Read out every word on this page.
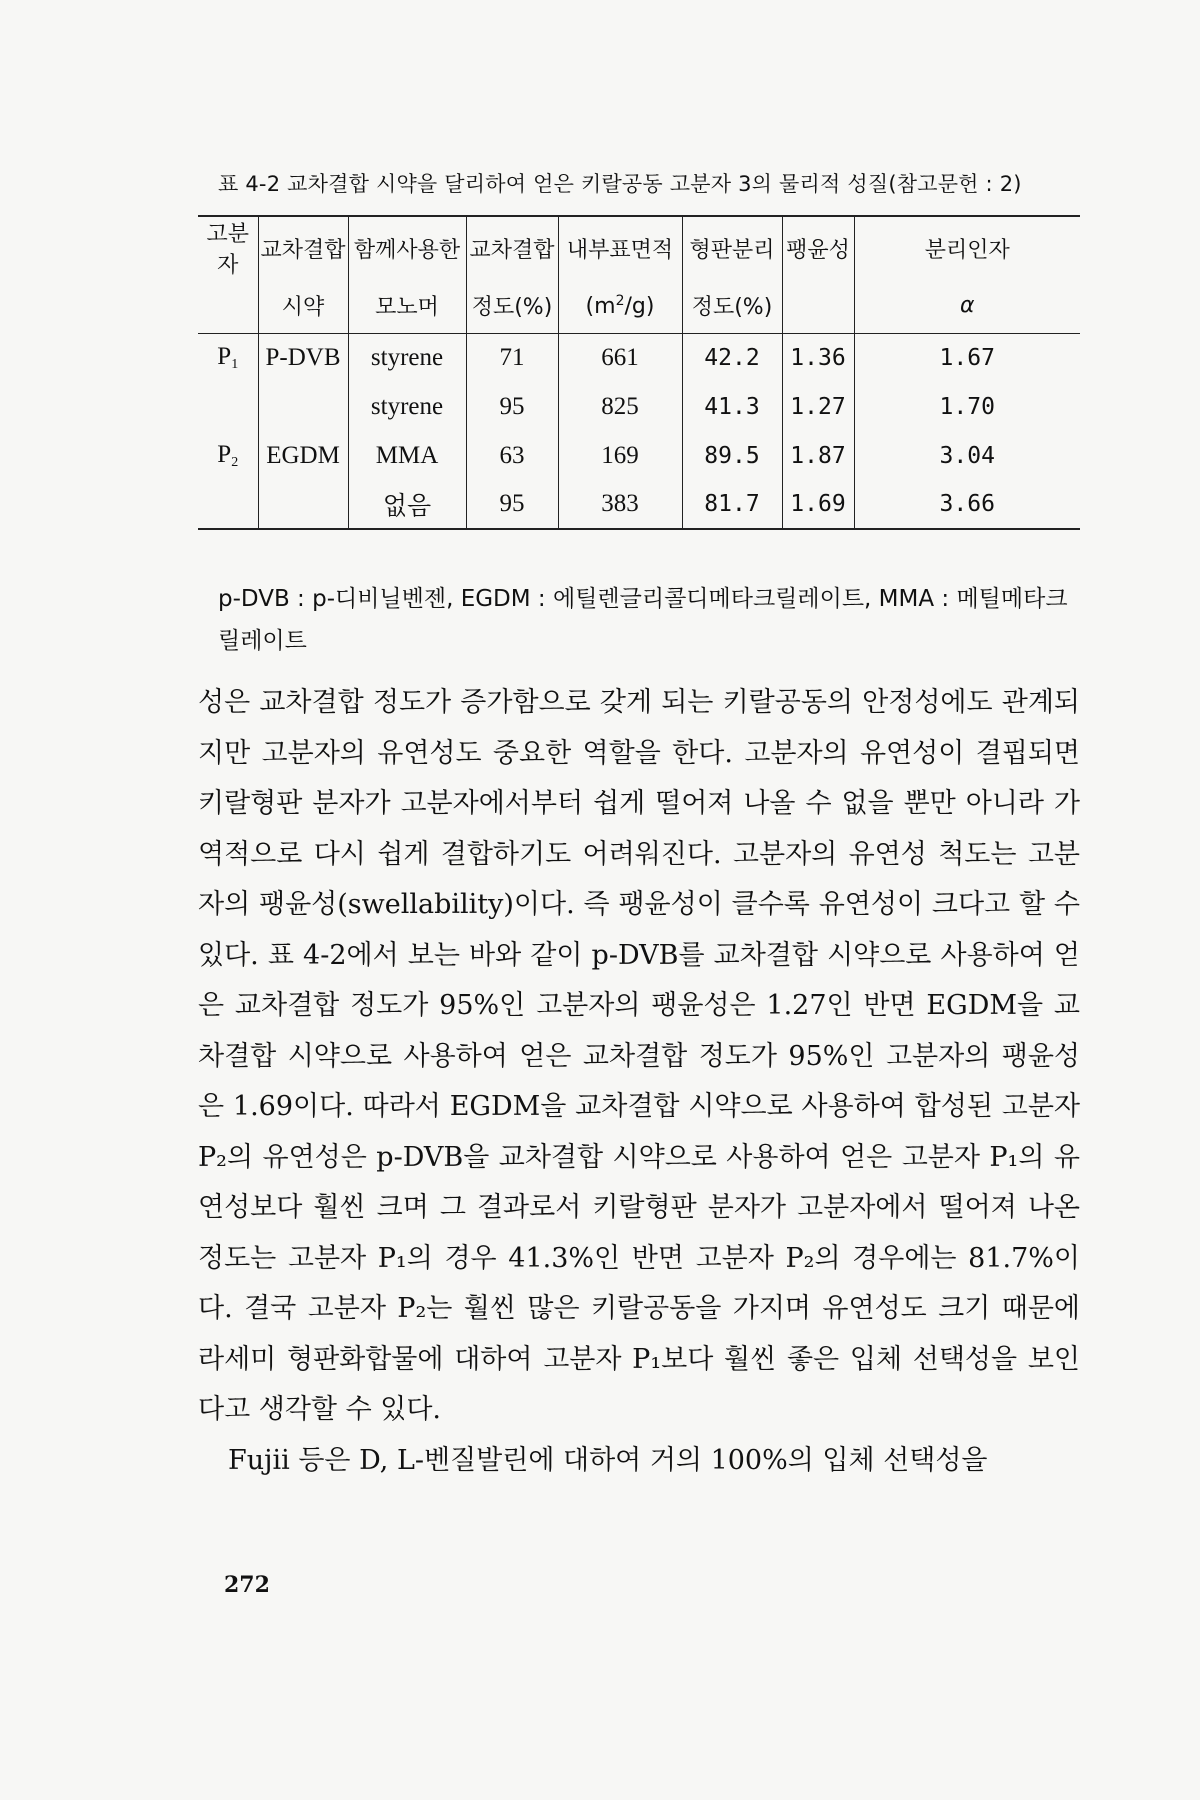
표 4-2 교차결합 시약을 달리하여 얻은 키랄공동 고분자 3의 물리적 성질(참고문헌 : 2)
고분자	교차결합	함께사용한	교차결합	내부표면적	형판분리	팽윤성	분리인자
	시약	모노머	정도(%)	$(m^2/g)$	정도(%)		α
$P_1$	P-DVB	styrene	71	661	42.2	1.36	1.67
		styrene	95	825	41.3	1.27	1.70
$P_2$	EGDM	MMA	63	169	89.5	1.87	3.04
		없음	95	383	81.7	1.69	3.66
p-DVB : p-디비닐벤젠, EGDM : 에틸렌글리콜디메타크릴레이트, MMA : 메틸메타크릴레이트

성은 교차결합 정도가 증가함으로 갖게 되는 키랄공동의 안정성에도 관계되지만 고분자의 유연성도 중요한 역할을 한다. 고분자의 유연성이 결핍되면 키랄형판 분자가 고분자에서부터 쉽게 떨어져 나올 수 없을 뿐만 아니라 가역적으로 다시 쉽게 결합하기도 어려워진다. 고분자의 유연성 척도는 고분자의 팽윤성(swellability)이다. 즉 팽윤성이 클수록 유연성이 크다고 할 수 있다. 표 4-2에서 보는 바와 같이 p-DVB를 교차결합 시약으로 사용하여 얻은 교차결합 정도가 95%인 고분자의 팽윤성은 1.27인 반면 EGDM을 교차결합 시약으로 사용하여 얻은 교차결합 정도가 95%인 고분자의 팽윤성은 1.69이다. 따라서 EGDM을 교차결합 시약으로 사용하여 합성된 고분자 P₂의 유연성은 p-DVB을 교차결합 시약으로 사용하여 얻은 고분자 P₁의 유연성보다 훨씬 크며 그 결과로서 키랄형판 분자가 고분자에서 떨어져 나온 정도는 고분자 P₁의 경우 41.3%인 반면 고분자 P₂의 경우에는 81.7%이다. 결국 고분자 P₂는 훨씬 많은 키랄공동을 가지며 유연성도 크기 때문에 라세미 형판화합물에 대하여 고분자 P₁보다 훨씬 좋은 입체 선택성을 보인다고 생각할 수 있다.

Fujii 등은 D, L-벤질발린에 대하여 거의 100%의 입체 선택성을

272
